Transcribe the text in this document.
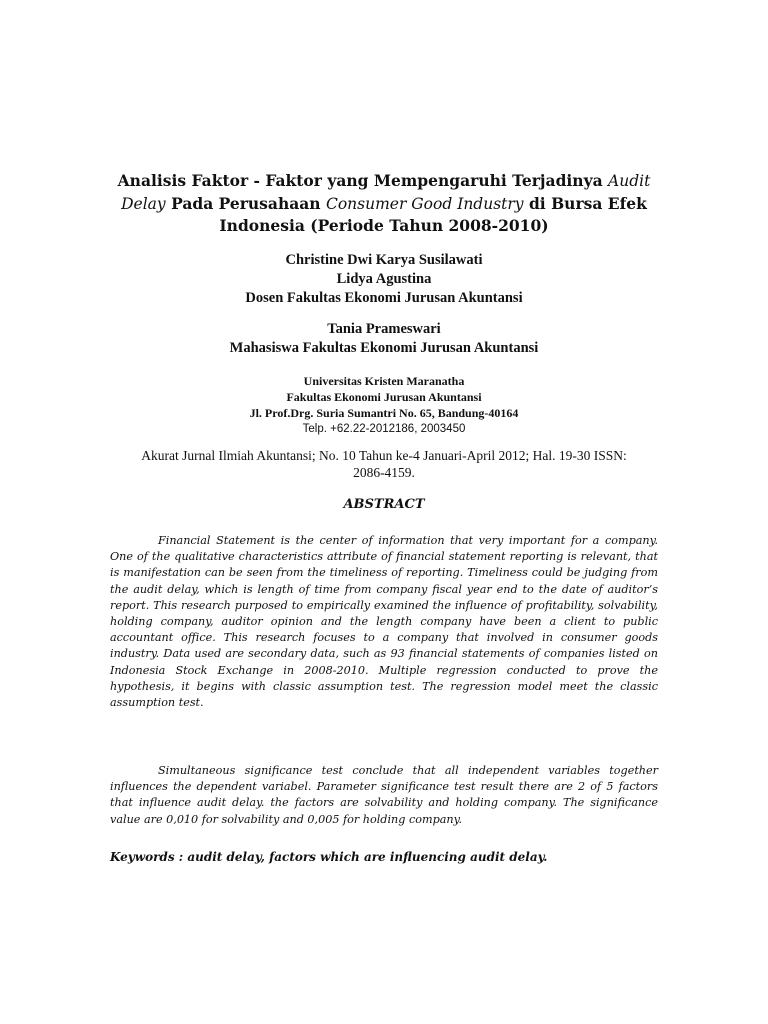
Analisis Faktor - Faktor yang Mempengaruhi Terjadinya Audit Delay Pada Perusahaan Consumer Good Industry di Bursa Efek Indonesia (Periode Tahun 2008-2010)
Christine Dwi Karya Susilawati
Lidya Agustina
Dosen Fakultas Ekonomi Jurusan Akuntansi
Tania Prameswari
Mahasiswa Fakultas Ekonomi Jurusan Akuntansi
Universitas Kristen Maranatha
Fakultas Ekonomi Jurusan Akuntansi
Jl. Prof.Drg. Suria Sumantri No. 65, Bandung-40164
Telp. +62.22-2012186, 2003450
Akurat Jurnal Ilmiah Akuntansi; No. 10 Tahun ke-4 Januari-April 2012; Hal. 19-30 ISSN:
2086-4159.
ABSTRACT

Financial Statement is the center of information that very important for a company. One of the qualitative characteristics attribute of financial statement reporting is relevant, that is manifestation can be seen from the timeliness of reporting. Timeliness could be judging from the audit delay, which is length of time from company fiscal year end to the date of auditor’s report. This research purposed to empirically examined the influence of profitability, solvability, holding company, auditor opinion and the length company have been a client to public accountant office. This research focuses to a company that involved in consumer goods industry. Data used are secondary data, such as 93 financial statements of companies listed on Indonesia Stock Exchange in 2008-2010. Multiple regression conducted to prove the hypothesis, it begins with classic assumption test. The regression model meet the classic assumption test.

Simultaneous significance test conclude that all independent variables together influences the dependent variabel. Parameter significance test result there are 2 of 5 factors that influence audit delay. the factors are solvability and holding company. The significance value are 0,010 for solvability and 0,005 for holding company.

Keywords : audit delay, factors which are influencing audit delay.
